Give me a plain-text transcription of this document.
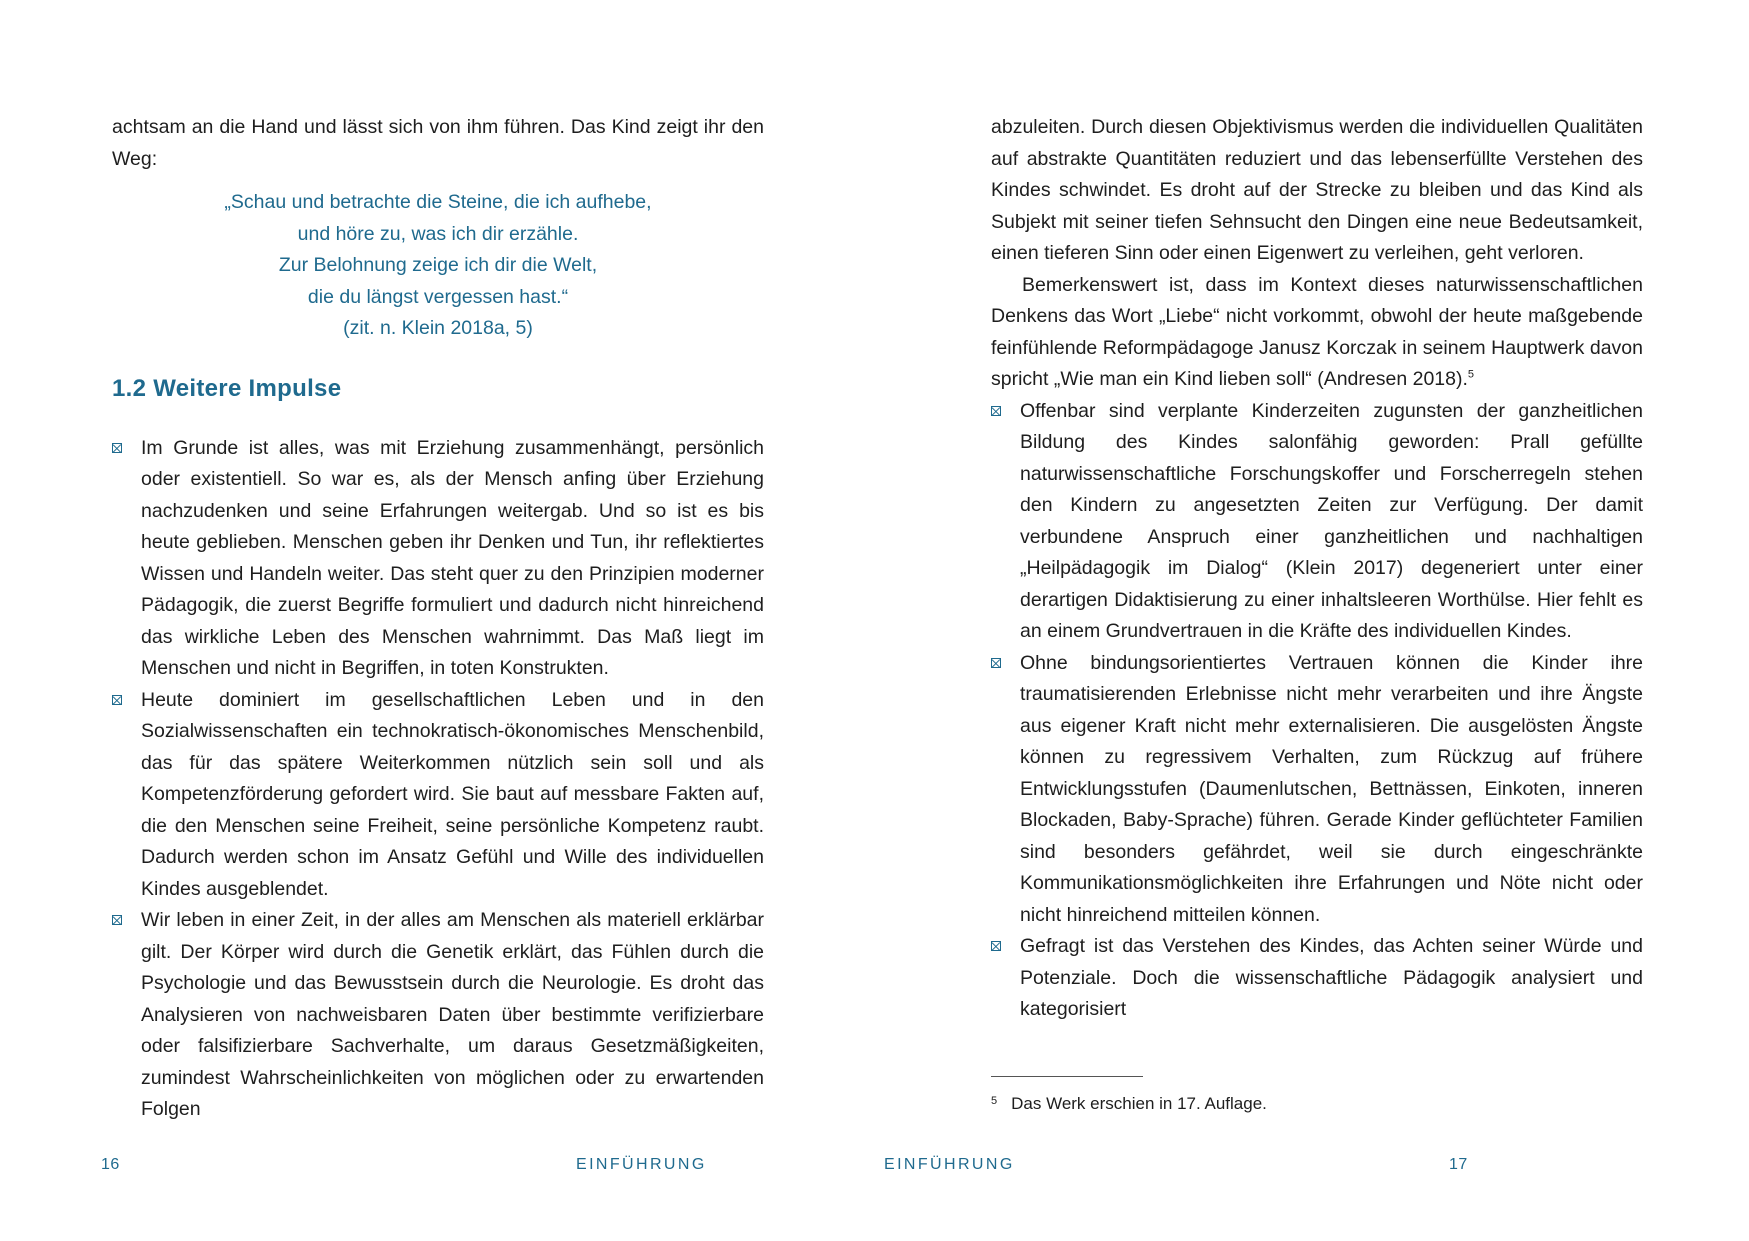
achtsam an die Hand und lässt sich von ihm führen. Das Kind zeigt ihr den Weg:

„Schau und betrachte die Steine, die ich aufhebe,
und höre zu, was ich dir erzähle.
Zur Belohnung zeige ich dir die Welt,
die du längst vergessen hast.“
(zit. n. Klein 2018a, 5)
1.2 Weitere Impulse
Im Grunde ist alles, was mit Erziehung zusammenhängt, persönlich oder existentiell. So war es, als der Mensch anfing über Erziehung nachzudenken und seine Erfahrungen weitergab. Und so ist es bis heute geblieben. Menschen geben ihr Denken und Tun, ihr reflektiertes Wissen und Handeln weiter. Das steht quer zu den Prinzipien moderner Pädagogik, die zuerst Begriffe formuliert und dadurch nicht hinreichend das wirkliche Leben des Menschen wahrnimmt. Das Maß liegt im Menschen und nicht in Begriffen, in toten Konstrukten.
Heute dominiert im gesellschaftlichen Leben und in den Sozialwissenschaften ein technokratisch-ökonomisches Menschenbild, das für das spätere Weiterkommen nützlich sein soll und als Kompetenzförderung gefordert wird. Sie baut auf messbare Fakten auf, die den Menschen seine Freiheit, seine persönliche Kompetenz raubt. Dadurch werden schon im Ansatz Gefühl und Wille des individuellen Kindes ausgeblendet.
Wir leben in einer Zeit, in der alles am Menschen als materiell erklärbar gilt. Der Körper wird durch die Genetik erklärt, das Fühlen durch die Psychologie und das Bewusstsein durch die Neurologie. Es droht das Analysieren von nachweisbaren Daten über bestimmte verifizierbare oder falsifizierbare Sachverhalte, um daraus Gesetzmäßigkeiten, zumindest Wahrscheinlichkeiten von möglichen oder zu erwartenden Folgen
16	EINFÜHRUNG

abzuleiten. Durch diesen Objektivismus werden die individuellen Qualitäten auf abstrakte Quantitäten reduziert und das lebenserfüllte Verstehen des Kindes schwindet. Es droht auf der Strecke zu bleiben und das Kind als Subjekt mit seiner tiefen Sehnsucht den Dingen eine neue Bedeutsamkeit, einen tieferen Sinn oder einen Eigenwert zu verleihen, geht verloren.

Bemerkenswert ist, dass im Kontext dieses naturwissenschaftlichen Denkens das Wort „Liebe“ nicht vorkommt, obwohl der heute maßgebende feinfühlende Reformpädagoge Janusz Korczak in seinem Hauptwerk davon spricht „Wie man ein Kind lieben soll“ (Andresen 2018).$^5$

Offenbar sind verplante Kinderzeiten zugunsten der ganzheitlichen Bildung des Kindes salonfähig geworden: Prall gefüllte naturwissenschaftliche Forschungskoffer und Forscherregeln stehen den Kindern zu angesetzten Zeiten zur Verfügung. Der damit verbundene Anspruch einer ganzheitlichen und nachhaltigen „Heilpädagogik im Dialog“ (Klein 2017) degeneriert unter einer derartigen Didaktisierung zu einer inhaltsleeren Worthülse. Hier fehlt es an einem Grundvertrauen in die Kräfte des individuellen Kindes.
Ohne bindungsorientiertes Vertrauen können die Kinder ihre traumatisierenden Erlebnisse nicht mehr verarbeiten und ihre Ängste aus eigener Kraft nicht mehr externalisieren. Die ausgelösten Ängste können zu regressivem Verhalten, zum Rückzug auf frühere Entwicklungsstufen (Daumenlutschen, Bettnässen, Einkoten, inneren Blockaden, Baby-Sprache) führen. Gerade Kinder geflüchteter Familien sind besonders gefährdet, weil sie durch eingeschränkte Kommunikationsmöglichkeiten ihre Erfahrungen und Nöte nicht oder nicht hinreichend mitteilen können.
Gefragt ist das Verstehen des Kindes, das Achten seiner Würde und Potenziale. Doch die wissenschaftliche Pädagogik analysiert und kategorisiert
$^5$ Das Werk erschien in 17. Auflage.
EINFÜHRUNG	17
